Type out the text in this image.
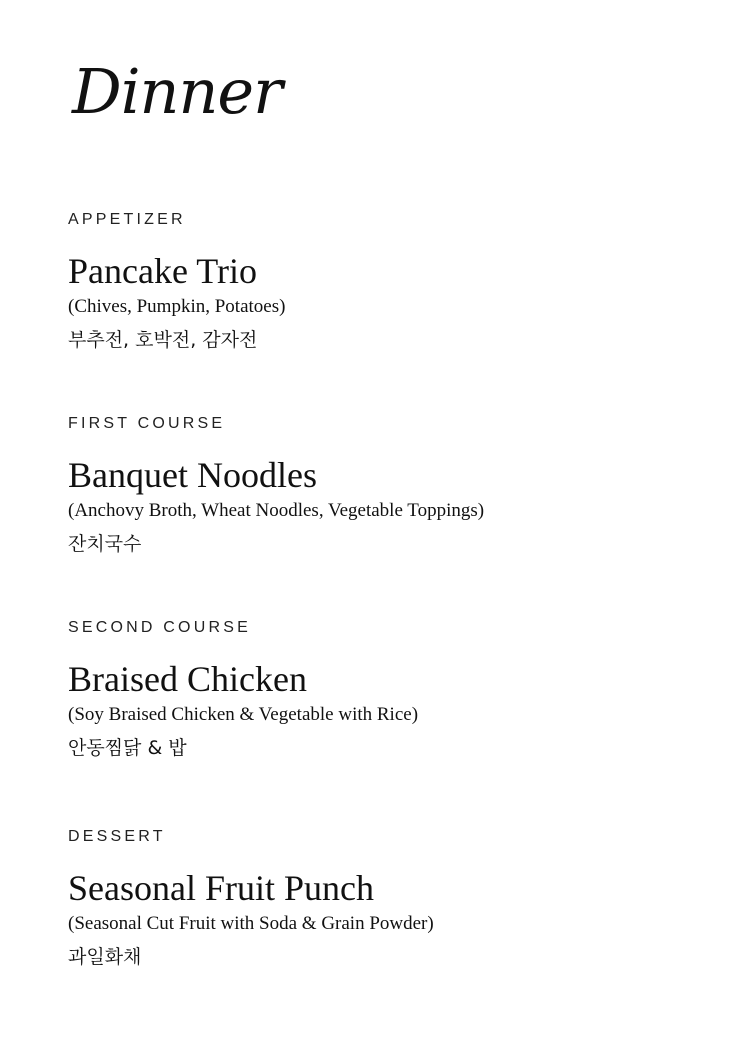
Dinner
APPETIZER
Pancake Trio
(Chives, Pumpkin, Potatoes)
부추전, 호박전, 감자전
FIRST COURSE
Banquet Noodles
(Anchovy Broth, Wheat Noodles, Vegetable Toppings)
잔치국수
SECOND COURSE
Braised Chicken
(Soy Braised Chicken & Vegetable with Rice)
안동찜닭 & 밥
DESSERT
Seasonal Fruit Punch
(Seasonal Cut Fruit with Soda & Grain Powder)
과일화채
